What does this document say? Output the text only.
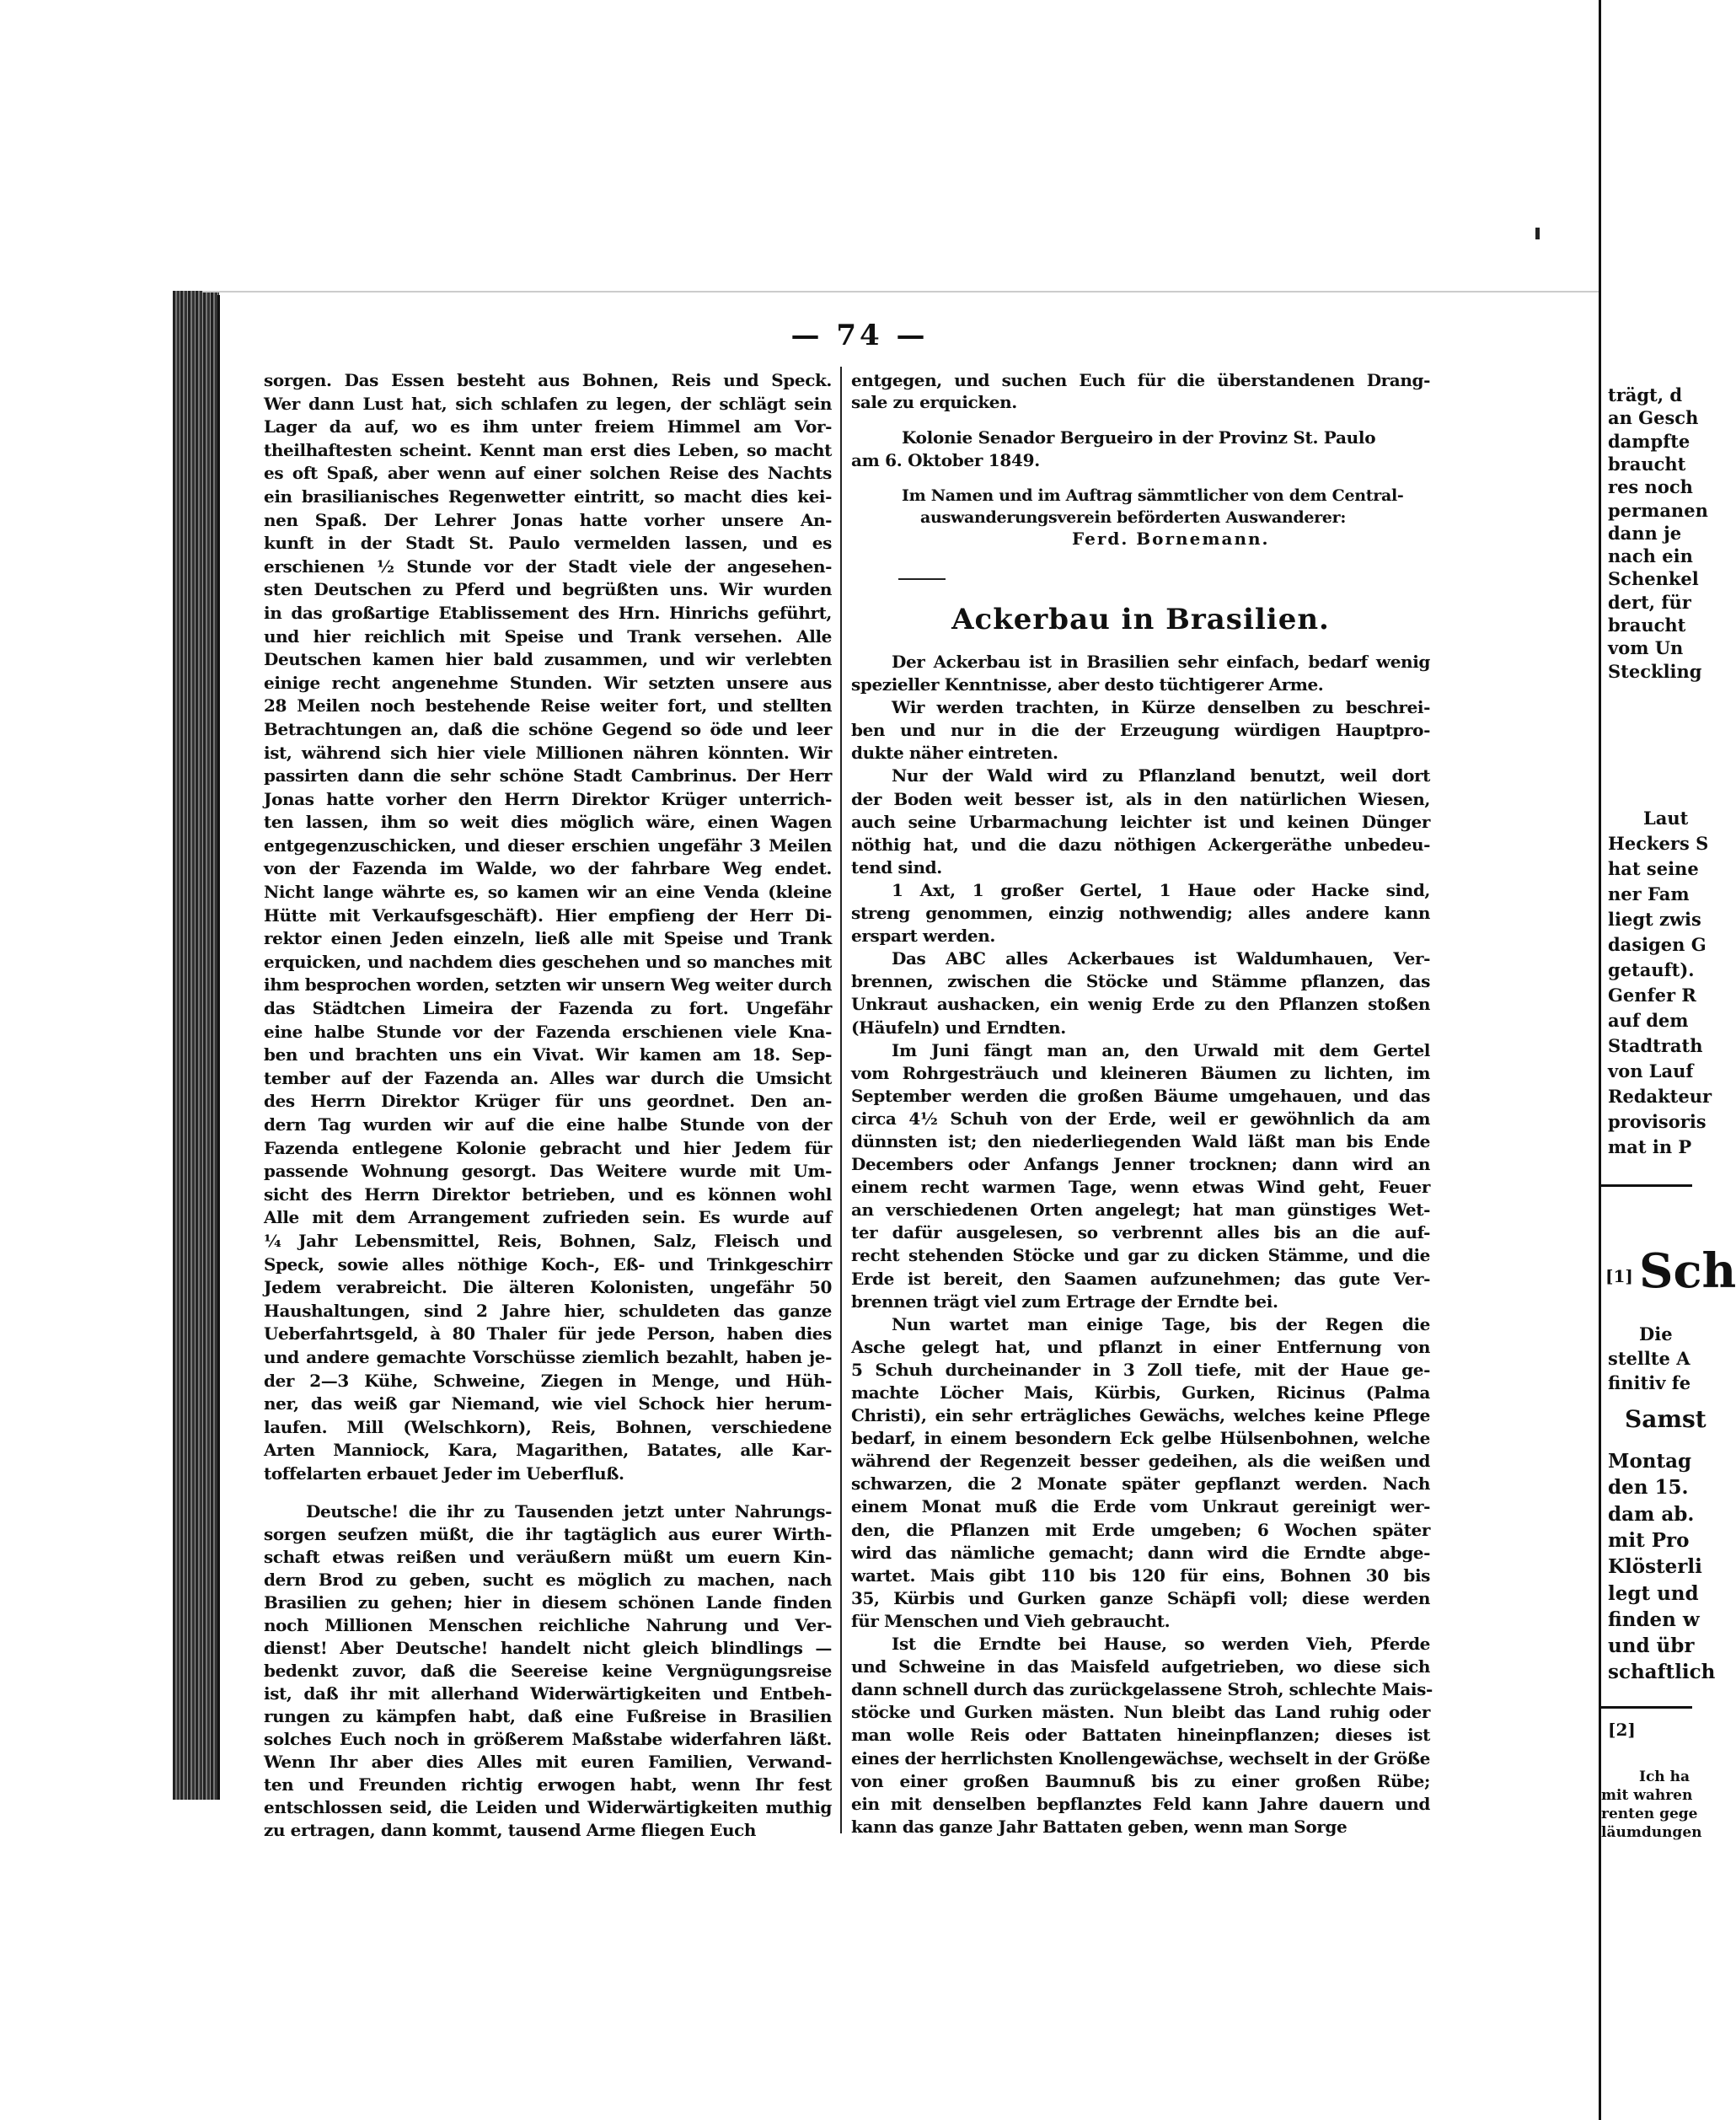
— 74 —
sorgen. Das Essen besteht aus Bohnen, Reis und Speck.
Wer dann Lust hat, sich schlafen zu legen, der schlägt sein
Lager da auf, wo es ihm unter freiem Himmel am Vor-
theilhaftesten scheint. Kennt man erst dies Leben, so macht
es oft Spaß, aber wenn auf einer solchen Reise des Nachts
ein brasilianisches Regenwetter eintritt, so macht dies kei-
nen Spaß. Der Lehrer Jonas hatte vorher unsere An-
kunft in der Stadt St. Paulo vermelden lassen, und es
erschienen ½ Stunde vor der Stadt viele der angesehen-
sten Deutschen zu Pferd und begrüßten uns. Wir wurden
in das großartige Etablissement des Hrn. Hinrichs geführt,
und hier reichlich mit Speise und Trank versehen. Alle
Deutschen kamen hier bald zusammen, und wir verlebten
einige recht angenehme Stunden. Wir setzten unsere aus
28 Meilen noch bestehende Reise weiter fort, und stellten
Betrachtungen an, daß die schöne Gegend so öde und leer
ist, während sich hier viele Millionen nähren könnten. Wir
passirten dann die sehr schöne Stadt Cambrinus. Der Herr
Jonas hatte vorher den Herrn Direktor Krüger unterrich-
ten lassen, ihm so weit dies möglich wäre, einen Wagen
entgegenzuschicken, und dieser erschien ungefähr 3 Meilen
von der Fazenda im Walde, wo der fahrbare Weg endet.
Nicht lange währte es, so kamen wir an eine Venda (kleine
Hütte mit Verkaufsgeschäft). Hier empfieng der Herr Di-
rektor einen Jeden einzeln, ließ alle mit Speise und Trank
erquicken, und nachdem dies geschehen und so manches mit
ihm besprochen worden, setzten wir unsern Weg weiter durch
das Städtchen Limeira der Fazenda zu fort. Ungefähr
eine halbe Stunde vor der Fazenda erschienen viele Kna-
ben und brachten uns ein Vivat. Wir kamen am 18. Sep-
tember auf der Fazenda an. Alles war durch die Umsicht
des Herrn Direktor Krüger für uns geordnet. Den an-
dern Tag wurden wir auf die eine halbe Stunde von der
Fazenda entlegene Kolonie gebracht und hier Jedem für
passende Wohnung gesorgt. Das Weitere wurde mit Um-
sicht des Herrn Direktor betrieben, und es können wohl
Alle mit dem Arrangement zufrieden sein. Es wurde auf
¼ Jahr Lebensmittel, Reis, Bohnen, Salz, Fleisch und
Speck, sowie alles nöthige Koch-, Eß- und Trinkgeschirr
Jedem verabreicht. Die älteren Kolonisten, ungefähr 50
Haushaltungen, sind 2 Jahre hier, schuldeten das ganze
Ueberfahrtsgeld, à 80 Thaler für jede Person, haben dies
und andere gemachte Vorschüsse ziemlich bezahlt, haben je-
der 2—3 Kühe, Schweine, Ziegen in Menge, und Hüh-
ner, das weiß gar Niemand, wie viel Schock hier herum-
laufen. Mill (Welschkorn), Reis, Bohnen, verschiedene
Arten Manniock, Kara, Magarithen, Batates, alle Kar-
toffelarten erbauet Jeder im Ueberfluß.
Deutsche! die ihr zu Tausenden jetzt unter Nahrungs-
sorgen seufzen müßt, die ihr tagtäglich aus eurer Wirth-
schaft etwas reißen und veräußern müßt um euern Kin-
dern Brod zu geben, sucht es möglich zu machen, nach
Brasilien zu gehen; hier in diesem schönen Lande finden
noch Millionen Menschen reichliche Nahrung und Ver-
dienst! Aber Deutsche! handelt nicht gleich blindlings —
bedenkt zuvor, daß die Seereise keine Vergnügungsreise
ist, daß ihr mit allerhand Widerwärtigkeiten und Entbeh-
rungen zu kämpfen habt, daß eine Fußreise in Brasilien
solches Euch noch in größerem Maßstabe widerfahren läßt.
Wenn Ihr aber dies Alles mit euren Familien, Verwand-
ten und Freunden richtig erwogen habt, wenn Ihr fest
entschlossen seid, die Leiden und Widerwärtigkeiten muthig
zu ertragen, dann kommt, tausend Arme fliegen Euch
entgegen, und suchen Euch für die überstandenen Drang-
sale zu erquicken.
Kolonie Senador Bergueiro in der Provinz St. Paulo
am 6. Oktober 1849.
Im Namen und im Auftrag sämmtlicher von dem Central-
auswanderungsverein beförderten Auswanderer:
Ferd. Bornemann.
Ackerbau in Brasilien.
Der Ackerbau ist in Brasilien sehr einfach, bedarf wenig
spezieller Kenntnisse, aber desto tüchtigerer Arme.
Wir werden trachten, in Kürze denselben zu beschrei-
ben und nur in die der Erzeugung würdigen Hauptpro-
dukte näher eintreten.
Nur der Wald wird zu Pflanzland benutzt, weil dort
der Boden weit besser ist, als in den natürlichen Wiesen,
auch seine Urbarmachung leichter ist und keinen Dünger
nöthig hat, und die dazu nöthigen Ackergeräthe unbedeu-
tend sind.
1 Axt, 1 großer Gertel, 1 Haue oder Hacke sind,
streng genommen, einzig nothwendig; alles andere kann
erspart werden.
Das ABC alles Ackerbaues ist Waldumhauen, Ver-
brennen, zwischen die Stöcke und Stämme pflanzen, das
Unkraut aushacken, ein wenig Erde zu den Pflanzen stoßen
(Häufeln) und Erndten.
Im Juni fängt man an, den Urwald mit dem Gertel
vom Rohrgesträuch und kleineren Bäumen zu lichten, im
September werden die großen Bäume umgehauen, und das
circa 4½ Schuh von der Erde, weil er gewöhnlich da am
dünnsten ist; den niederliegenden Wald läßt man bis Ende
Decembers oder Anfangs Jenner trocknen; dann wird an
einem recht warmen Tage, wenn etwas Wind geht, Feuer
an verschiedenen Orten angelegt; hat man günstiges Wet-
ter dafür ausgelesen, so verbrennt alles bis an die auf-
recht stehenden Stöcke und gar zu dicken Stämme, und die
Erde ist bereit, den Saamen aufzunehmen; das gute Ver-
brennen trägt viel zum Ertrage der Erndte bei.
Nun wartet man einige Tage, bis der Regen die
Asche gelegt hat, und pflanzt in einer Entfernung von
5 Schuh durcheinander in 3 Zoll tiefe, mit der Haue ge-
machte Löcher Mais, Kürbis, Gurken, Ricinus (Palma
Christi), ein sehr erträgliches Gewächs, welches keine Pflege
bedarf, in einem besondern Eck gelbe Hülsenbohnen, welche
während der Regenzeit besser gedeihen, als die weißen und
schwarzen, die 2 Monate später gepflanzt werden. Nach
einem Monat muß die Erde vom Unkraut gereinigt wer-
den, die Pflanzen mit Erde umgeben; 6 Wochen später
wird das nämliche gemacht; dann wird die Erndte abge-
wartet. Mais gibt 110 bis 120 für eins, Bohnen 30 bis
35, Kürbis und Gurken ganze Schäpfi voll; diese werden
für Menschen und Vieh gebraucht.
Ist die Erndte bei Hause, so werden Vieh, Pferde
und Schweine in das Maisfeld aufgetrieben, wo diese sich
dann schnell durch das zurückgelassene Stroh, schlechte Mais-
stöcke und Gurken mästen. Nun bleibt das Land ruhig oder
man wolle Reis oder Battaten hineinpflanzen; dieses ist
eines der herrlichsten Knollengewächse, wechselt in der Größe
von einer großen Baumnuß bis zu einer großen Rübe;
ein mit denselben bepflanztes Feld kann Jahre dauern und
kann das ganze Jahr Battaten geben, wenn man Sorge
trägt, d
an Gesch
dampfte
braucht
res noch
permanen
dann je
nach ein
Schenkel
dert, für
braucht
vom Un
Steckling
Laut
Heckers S
hat seine
ner Fam
liegt zwis
dasigen G
getauft).
Genfer R
auf dem
Stadtrath
von Lauf
Redakteur
provisoris
mat in P
[1] Sch
Die
stellte A
finitiv fe
Samst
Montag
den 15.
dam ab.
mit Pro
Klösterli
legt und
finden w
und übr
schaftlich
[2]
Ich ha
mit wahren
renten gege
läumdungen
